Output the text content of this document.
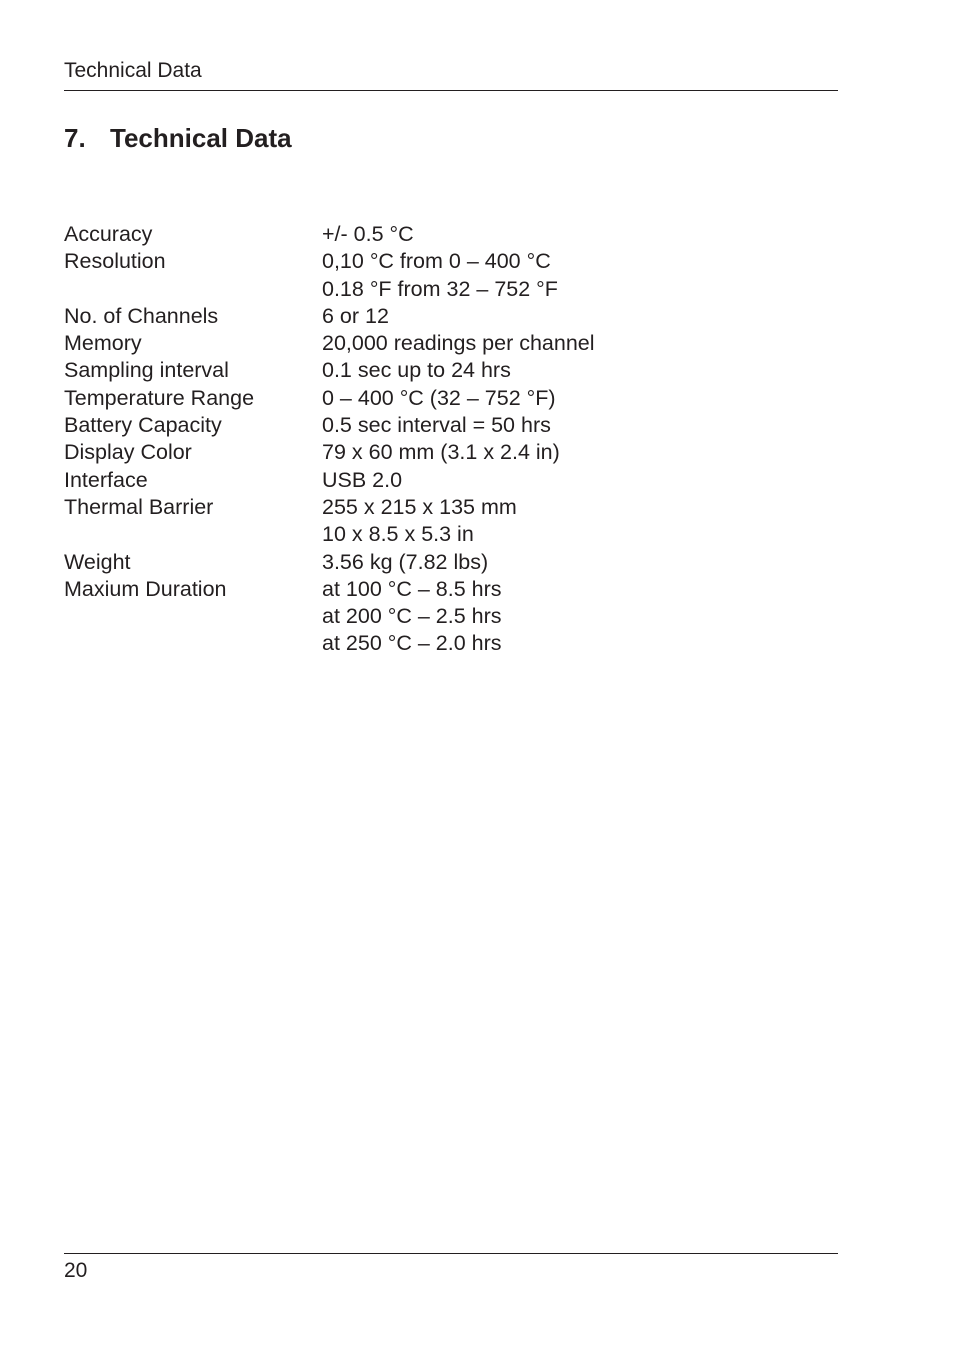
Technical Data
7. Technical Data
Accuracy	+/- 0.5 °C

Resolution	0,10 °C from 0 – 400 °C
0.18 °F from 32 – 752 °F

No. of Channels	6 or 12

Memory	20,000 readings per channel

Sampling interval	0.1 sec up to 24 hrs

Temperature Range	0 – 400 °C (32 – 752 °F)

Battery Capacity	0.5 sec interval = 50 hrs

Display Color	79 x 60 mm (3.1 x 2.4 in)

Interface	USB 2.0

Thermal Barrier	255 x 215 x 135 mm
10 x 8.5 x 5.3 in

Weight	3.56 kg (7.82 lbs)

Maxium Duration	at 100 °C – 8.5 hrs
at 200 °C – 2.5 hrs
at 250 °C – 2.0 hrs
20
